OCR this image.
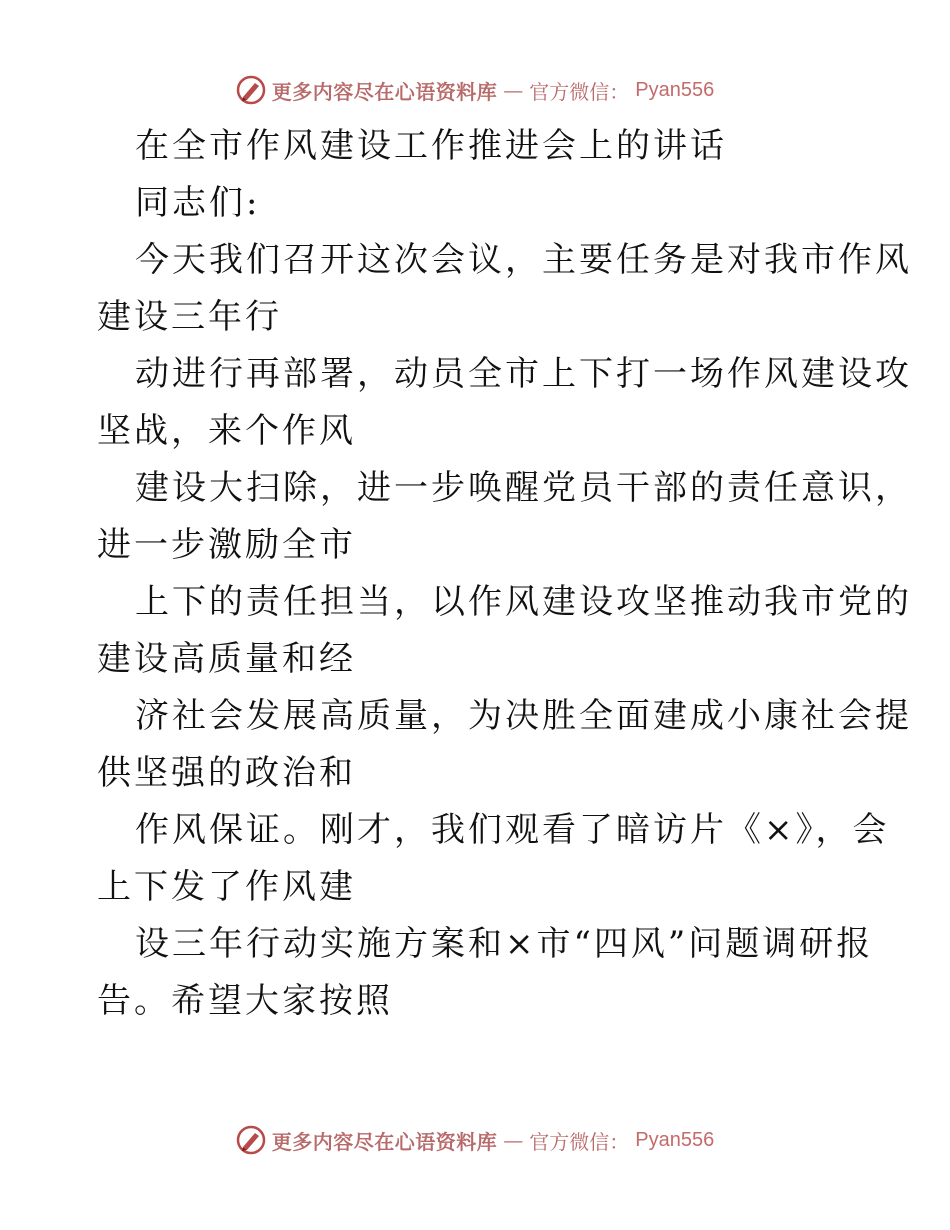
更多内容尽在心语资料库 — 官方微信： Pyan556
在全市作风建设工作推进会上的讲话
同志们:
今天我们召开这次会议，主要任务是对我市作风
建设三年行
动进行再部署，动员全市上下打一场作风建设攻
坚战，来个作风
建设大扫除，进一步唤醒党员干部的责任意识，
进一步激励全市
上下的责任担当，以作风建设攻坚推动我市党的
建设高质量和经
济社会发展高质量，为决胜全面建成小康社会提
供坚强的政治和
作风保证。刚才，我们观看了暗访片《×》，会
上下发了作风建
设三年行动实施方案和×市“四风”问题调研报
告。希望大家按照
更多内容尽在心语资料库 — 官方微信： Pyan556
